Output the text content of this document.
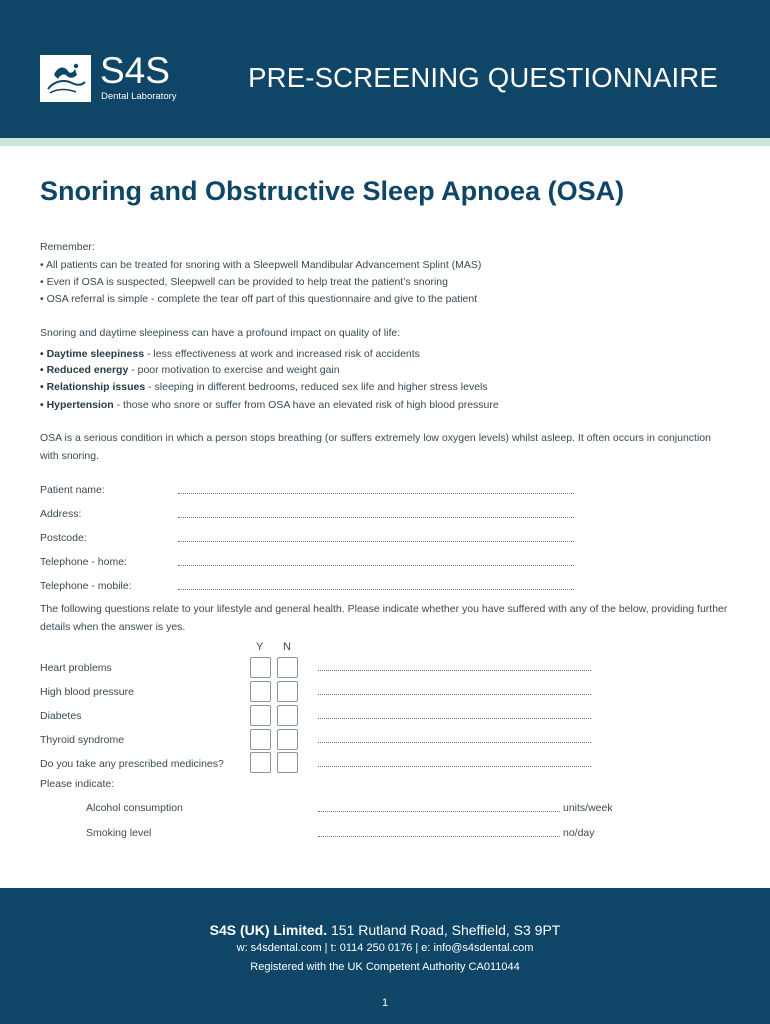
S4S
Dental Laboratory
PRE-SCREENING QUESTIONNAIRE
Snoring and Obstructive Sleep Apnoea (OSA)
Remember:
• All patients can be treated for snoring with a Sleepwell Mandibular Advancement Splint (MAS)
• Even if OSA is suspected, Sleepwell can be provided to help treat the patient’s snoring
• OSA referral is simple - complete the tear off part of this questionnaire and give to the patient
Snoring and daytime sleepiness can have a profound impact on quality of life:
• Daytime sleepiness - less effectiveness at work and increased risk of accidents
• Reduced energy - poor motivation to exercise and weight gain
• Relationship issues - sleeping in different bedrooms, reduced sex life and higher stress levels
• Hypertension - those who snore or suffer from OSA have an elevated risk of high blood pressure
OSA is a serious condition in which a person stops breathing (or suffers extremely low oxygen levels) whilst asleep. It often occurs in conjunction with snoring.
Patient name:
Address:
Postcode:
Telephone - home:
Telephone - mobile:
The following questions relate to your lifestyle and general health. Please indicate whether you have suffered with any of the below, providing further details when the answer is yes.
Y N
Heart problems
High blood pressure
Diabetes
Thyroid syndrome
Do you take any prescribed medicines?
Please indicate:
Alcohol consumption	units/week
Smoking level	no/day
S4S (UK) Limited. 151 Rutland Road, Sheffield, S3 9PT
w: s4sdental.com | t: 0114 250 0176 | e: info@s4sdental.com
Registered with the UK Competent Authority CA011044
1
